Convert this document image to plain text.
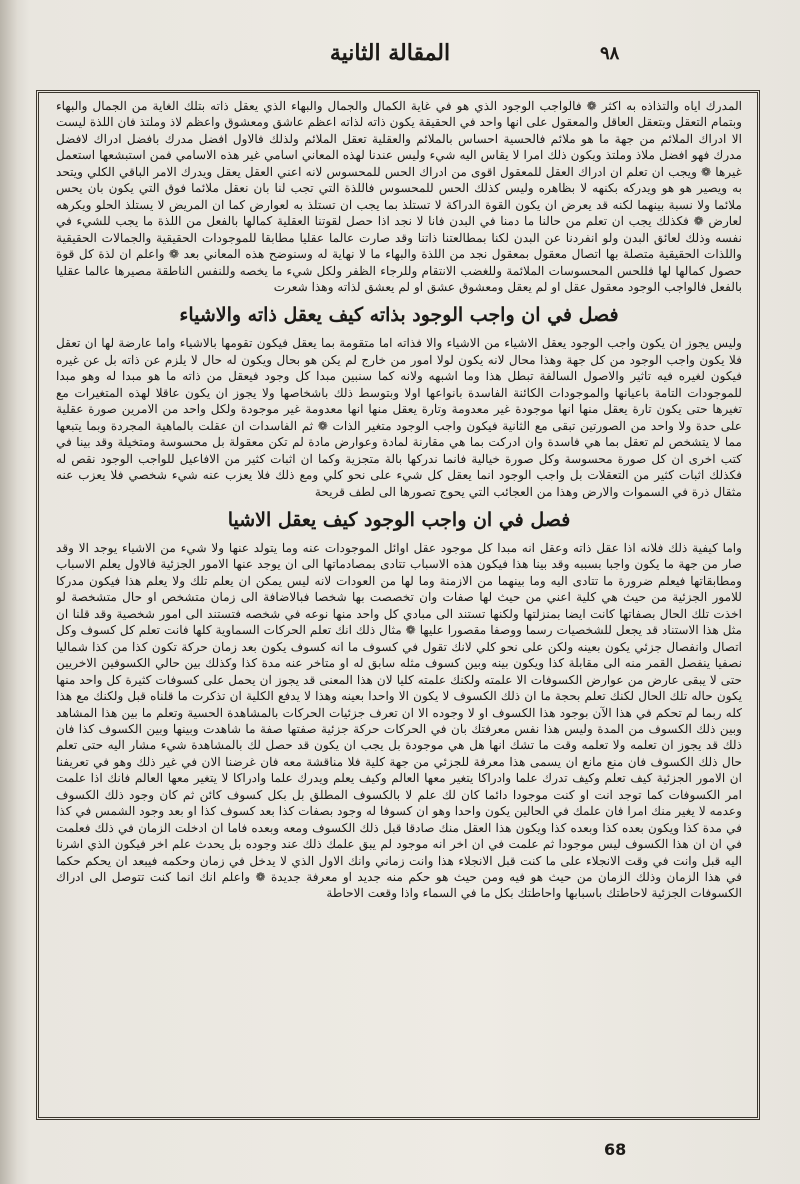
المقالة الثانية	٩٨

المدرك اياه والتذاذه به اكثر ❁ فالواجب الوجود الذي هو في غاية الكمال والجمال والبهاء الذي يعقل ذاته بتلك الغاية من الجمال والبهاء وبتمام التعقل وبتعقل العاقل والمعقول على انها واحد في الحقيقة يكون ذاته لذاته اعظم عاشق ومعشوق واعظم لاذ وملتذ فان اللذة ليست الا ادراك الملائم من جهة ما هو ملائم فالحسية احساس بالملائم والعقلية تعقل الملائم ولذلك فالاول افضل مدرك بافضل ادراك لافضل مدرك فهو افضل ملاذ وملتذ ويكون ذلك امرا لا يقاس اليه شيء وليس عندنا لهذه المعاني اسامي غير هذه الاسامي فمن استبشعها استعمل غيرها ❁ ويجب ان تعلم ان ادراك العقل للمعقول اقوى من ادراك الحس للمحسوس لانه اعني العقل يعقل ويدرك الامر الباقي الكلي ويتحد به ويصير هو هو ويدركه بكنهه لا بظاهره وليس كذلك الحس للمحسوس فاللذة التي تجب لنا بان نعقل ملائما فوق التي يكون بان يحس ملائما ولا نسبة بينهما لكنه قد يعرض ان يكون القوة الدراكة لا تستلذ بما يجب ان تستلذ به لعوارض كما ان المريض لا يستلذ الحلو ويكرهه لعارض ❁ فكذلك يجب ان تعلم من حالنا ما دمنا في البدن فانا لا نجد اذا حصل لقوتنا العقلية كمالها بالفعل من اللذة ما يجب للشيء في نفسه وذلك لعائق البدن ولو انفردنا عن البدن لكنا بمطالعتنا ذاتنا وقد صارت عالما عقليا مطابقا للموجودات الحقيقية والجمالات الحقيقية واللذات الحقيقية متصلة بها اتصال معقول بمعقول نجد من اللذة والبهاء ما لا نهاية له وسنوضح هذه المعاني بعد ❁ واعلم ان لذة كل قوة حصول كمالها لها فللحس المحسوسات الملائمة وللغضب الانتقام وللرجاء الظفر ولكل شيء ما يخصه وللنفس الناطقة مصيرها عالما عقليا بالفعل فالواجب الوجود معقول عقل او لم يعقل ومعشوق عشق او لم يعشق لذاته وهذا شعرت

فصل في ان واجب الوجود بذاته كيف يعقل ذاته والاشياء

وليس يجوز ان يكون واجب الوجود يعقل الاشياء من الاشياء والا فذاته اما متقومة بما يعقل فيكون تقومها بالاشياء واما عارضة لها ان تعقل فلا يكون واجب الوجود من كل جهة وهذا محال لانه يكون لولا امور من خارج لم يكن هو بحال ويكون له حال لا يلزم عن ذاته بل عن غيره فيكون لغيره فيه تاثير والاصول السالفة تبطل هذا وما اشبهه ولانه كما سنبين مبدا كل وجود فيعقل من ذاته ما هو مبدا له وهو مبدا للموجودات التامة باعيانها والموجودات الكائنة الفاسدة بانواعها اولا وبتوسط ذلك باشخاصها ولا يجوز ان يكون عاقلا لهذه المتغيرات مع تغيرها حتى يكون تارة يعقل منها انها موجودة غير معدومة وتارة يعقل منها انها معدومة غير موجودة ولكل واحد من الامرين صورة عقلية على حدة ولا واحد من الصورتين تبقى مع الثانية فيكون واجب الوجود متغير الذات ❁ ثم الفاسدات ان عقلت بالماهية المجردة وبما يتبعها مما لا يتشخص لم تعقل بما هي فاسدة وان ادركت بما هي مقارنة لمادة وعوارض مادة لم تكن معقولة بل محسوسة ومتخيلة وقد بينا في كتب اخرى ان كل صورة محسوسة وكل صورة خيالية فانما ندركها بالة متجزية وكما ان اثبات كثير من الافاعيل للواجب الوجود نقص له فكذلك اثبات كثير من التعقلات بل واجب الوجود انما يعقل كل شيء على نحو كلي ومع ذلك فلا يعزب عنه شيء شخصي فلا يعزب عنه مثقال ذرة في السموات والارض وهذا من العجائب التي يحوج تصورها الى لطف قريحة

فصل في ان واجب الوجود كيف يعقل الاشيا

واما كيفية ذلك فلانه اذا عقل ذاته وعقل انه مبدا كل موجود عقل اوائل الموجودات عنه وما يتولد عنها ولا شيء من الاشياء يوجد الا وقد صار من جهة ما يكون واجبا بسببه وقد بينا هذا فيكون هذه الاسباب تتادى بمصادماتها الى ان يوجد عنها الامور الجزئية فالاول يعلم الاسباب ومطابقاتها فيعلم ضرورة ما تتادى اليه وما بينهما من الازمنة وما لها من العودات لانه ليس يمكن ان يعلم تلك ولا يعلم هذا فيكون مدركا للامور الجزئية من حيث هي كلية اعني من حيث لها صفات وان تخصصت بها شخصا فبالاضافة الى زمان متشخص او حال متشخصة لو اخذت تلك الحال بصفاتها كانت ايضا بمنزلتها ولكنها تستند الى مبادي كل واحد منها نوعه في شخصه فتستند الى امور شخصية وقد قلنا ان مثل هذا الاستناد قد يجعل للشخصيات رسما ووصفا مقصورا عليها ❁ مثال ذلك انك تعلم الحركات السماوية كلها فانت تعلم كل كسوف وكل اتصال وانفصال جزئي يكون بعينه ولكن على نحو كلي لانك تقول في كسوف ما انه كسوف يكون بعد زمان حركة تكون كذا من كذا شماليا نصفيا ينفصل القمر منه الى مقابلة كذا ويكون بينه وبين كسوف مثله سابق له او متاخر عنه مدة كذا وكذلك بين حالي الكسوفين الاخريين حتى لا يبقى عارض من عوارض الكسوفات الا علمته ولكنك علمته كليا لان هذا المعنى قد يجوز ان يحمل على كسوفات كثيرة كل واحد منها يكون حاله تلك الحال لكنك تعلم بحجة ما ان ذلك الكسوف لا يكون الا واحدا بعينه وهذا لا يدفع الكلية ان تذكرت ما قلناه قبل ولكنك مع هذا كله ربما لم تحكم في هذا الآن بوجود هذا الكسوف او لا وجوده الا ان تعرف جزئيات الحركات بالمشاهدة الحسية وتعلم ما بين هذا المشاهد وبين ذلك الكسوف من المدة وليس هذا نفس معرفتك بان في الحركات حركة جزئية صفتها صفة ما شاهدت وبينها وبين الكسوف كذا فان ذلك قد يجوز ان تعلمه ولا تعلمه وقت ما تشك انها هل هي موجودة بل يجب ان يكون قد حصل لك بالمشاهدة شيء مشار اليه حتى تعلم حال ذلك الكسوف فان منع مانع ان يسمى هذا معرفة للجزئي من جهة كلية فلا مناقشة معه فان غرضنا الان في غير ذلك وهو في تعريفنا ان الامور الجزئية كيف تعلم وكيف تدرك علما وادراكا يتغير معها العالم وكيف يعلم ويدرك علما وادراكا لا يتغير معها العالم فانك اذا علمت امر الكسوفات كما توجد انت او كنت موجودا دائما كان لك علم لا بالكسوف المطلق بل بكل كسوف كائن ثم كان وجود ذلك الكسوف وعدمه لا يغير منك امرا فان علمك في الحالين يكون واحدا وهو ان كسوفا له وجود بصفات كذا بعد كسوف كذا او بعد وجود الشمس في كذا في مدة كذا ويكون بعده كذا وبعده كذا ويكون هذا العقل منك صادقا قبل ذلك الكسوف ومعه وبعده فاما ان ادخلت الزمان في ذلك فعلمت في ان ان هذا الكسوف ليس موجودا ثم علمت في ان اخر انه موجود لم يبق علمك ذلك عند وجوده بل يحدث علم اخر فيكون الذي اشرنا اليه قبل وانت في وقت الانجلاء على ما كنت قبل الانجلاء هذا وانت زماني وانك الاول الذي لا يدخل في زمان وحكمه فيبعد ان يحكم حكما في هذا الزمان وذلك الزمان من حيث هو فيه ومن حيث هو حكم منه جديد او معرفة جديدة ❁ واعلم انك انما كنت تتوصل الى ادراك الكسوفات الجزئية لاحاطتك باسبابها واحاطتك بكل ما في السماء واذا وقعت الاحاطة

68
